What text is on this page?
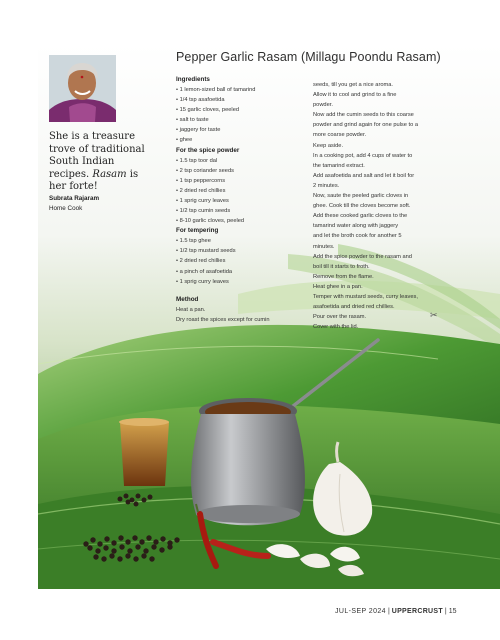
Pepper Garlic Rasam (Millagu Poondu Rasam)
She is a treasure
trove of traditional
South Indian
recipes. Rasam is
her forte!
Subrata Rajaram
Home Cook
Ingredients
• 1 lemon-sized ball of tamarind
• 1/4 tsp asafoetida
• 15 garlic cloves, peeled
• salt to taste
• jaggery for taste
• ghee
For the spice powder
• 1.5 tsp toor dal
• 2 tsp coriander seeds
• 1 tsp peppercorns
• 2 dried red chillies
• 1 sprig curry leaves
• 1/2 tsp cumin seeds
• 8-10 garlic cloves, peeled
For tempering
• 1.5 tsp ghee
• 1/2 tsp mustard seeds
• 2 dried red chillies
• a pinch of asafoetida
• 1 sprig curry leaves
Method

Heat a pan.

Dry roast the spices except for cumin

seeds, till you get a nice aroma.

Allow it to cool and grind to a fine

powder.

Now add the cumin seeds to this coarse

powder and grind again for one pulse to a

more coarse powder.

Keep aside.

In a cooking pot, add 4 cups of water to

the tamarind extract.

Add asafoetida and salt and let it boil for

2 minutes.

Now, saute the peeled garlic cloves in

ghee. Cook till the cloves become soft.

Add these cooked garlic cloves to the

tamarind water along with jaggery

and let the broth cook for another 5

minutes.

Add the spice powder to the rasam and

boil till it starts to froth.

Remove from the flame.

Heat ghee in a pan.

Temper with mustard seeds, curry leaves,

asafoetida and dried red chillies.

Pour over the rasam.

Cover with the lid.

✂
JUL-SEP 2024 | UPPERCRUST | 15
